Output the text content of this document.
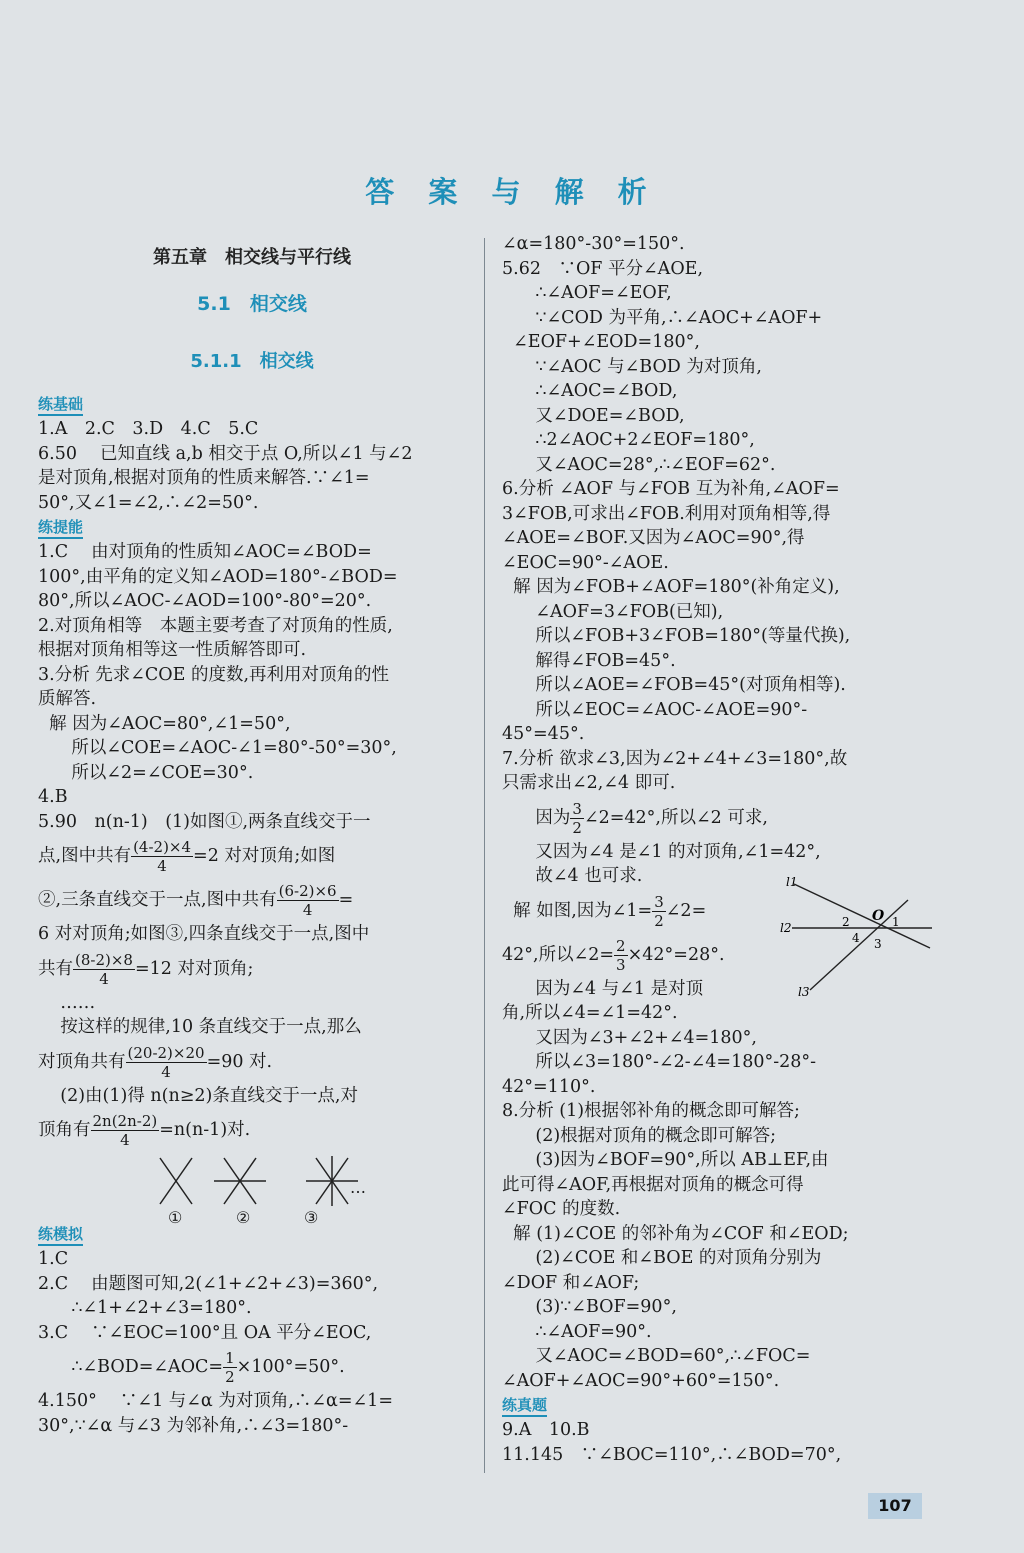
答 案 与 解 析
第五章　相交线与平行线
5.1　相交线
5.1.1　相交线
练基础
1.A　2.C　3.D　4.C　5.C
6.50　 已知直线 a,b 相交于点 O,所以∠1 与∠2
是对顶角,根据对顶角的性质来解答.∵∠1=
50°,又∠1=∠2,∴∠2=50°.
练提能
1.C　 由对顶角的性质知∠AOC=∠BOD=
100°,由平角的定义知∠AOD=180°-∠BOD=
80°,所以∠AOC-∠AOD=100°-80°=20°.
2.对顶角相等　本题主要考查了对顶角的性质,
根据对顶角相等这一性质解答即可.
3.分析 先求∠COE 的度数,再利用对顶角的性
质解答.
解 因为∠AOC=80°,∠1=50°,
所以∠COE=∠AOC-∠1=80°-50°=30°,
所以∠2=∠COE=30°.
4.B
5.90　n(n-1)　(1)如图①,两条直线交于一
点,图中共有 $\frac{(4-2)\times 4}{4} =2$ 对对顶角;如图
②,三条直线交于一点,图中共有 $\frac{(6-2)\times 6}{4}$ =
6 对对顶角;如图③,四条直线交于一点,图中
共有 $\frac{(8-2)\times 8}{4} =12$ 对对顶角;
……
按这样的规律,10 条直线交于一点,那么
对顶角共有 $\frac{(20-2)\times 20}{4} =90$ 对.
(2)由(1)得 n(n≥2)条直线交于一点,对
顶角有 $\frac{2n(2n-2)}{4} =n(n-1)$对.
①	②	③
…
练模拟
1.C
2.C　 由题图可知,2(∠1+∠2+∠3)=360°,
∴∠1+∠2+∠3=180°.
3.C　 ∵∠EOC=100°且 OA 平分∠EOC,
∴∠BOD=∠AOC= $\frac{1}{2} \times 100^\circ=50^\circ$.
4.150°　 ∵∠1 与∠α 为对顶角,∴∠α=∠1=
30°,∵∠α 与∠3 为邻补角,∴∠3=180°-
∠α=180°-30°=150°.
5.62　∵OF 平分∠AOE,
∴∠AOF=∠EOF,
∵∠COD 为平角,∴∠AOC+∠AOF+
∠EOF+∠EOD=180°,
∵∠AOC 与∠BOD 为对顶角,
∴∠AOC=∠BOD,
又∠DOE=∠BOD,
∴2∠AOC+2∠EOF=180°,
又∠AOC=28°,∴∠EOF=62°.
6.分析 ∠AOF 与∠FOB 互为补角,∠AOF=
3∠FOB,可求出∠FOB.利用对顶角相等,得
∠AOE=∠BOF.又因为∠AOC=90°,得
∠EOC=90°-∠AOE.
解 因为∠FOB+∠AOF=180°(补角定义),
∠AOF=3∠FOB(已知),
所以∠FOB+3∠FOB=180°(等量代换),
解得∠FOB=45°.
所以∠AOE=∠FOB=45°(对顶角相等).
所以∠EOC=∠AOC-∠AOE=90°-
45°=45°.
7.分析 欲求∠3,因为∠2+∠4+∠3=180°,故
只需求出∠2,∠4 即可.
因为 $\frac{3}{2}$ ∠2=42°,所以∠2 可求,
又因为∠4 是∠1 的对顶角,∠1=42°,
故∠4 也可求.
解 如图,因为∠1= $\frac{3}{2}$ ∠2=
42°,所以∠2= $\frac{2}{3} \times 42^\circ=28^\circ$.
因为∠4 与∠1 是对顶
角,所以∠4=∠1=42°.
又因为∠3+∠2+∠4=180°,
所以∠3=180°-∠2-∠4=180°-28°-
42°=110°.
8.分析 (1)根据邻补角的概念即可解答;
(2)根据对顶角的概念即可解答;
(3)因为∠BOF=90°,所以 AB⊥EF,由
此可得∠AOF,再根据对顶角的概念可得
∠FOC 的度数.
解 (1)∠COE 的邻补角为∠COF 和∠EOD;
(2)∠COE 和∠BOE 的对顶角分别为
∠DOF 和∠AOF;
(3)∵∠BOF=90°,
∴∠AOF=90°.
又∠AOC=∠BOD=60°,∴∠FOC=
∠AOF+∠AOC=90°+60°=150°.
练真题
9.A　10.B
11.145　∵∠BOC=110°,∴∠BOD=70°,
l1
l2
l3
O 1
2
3
4
107
